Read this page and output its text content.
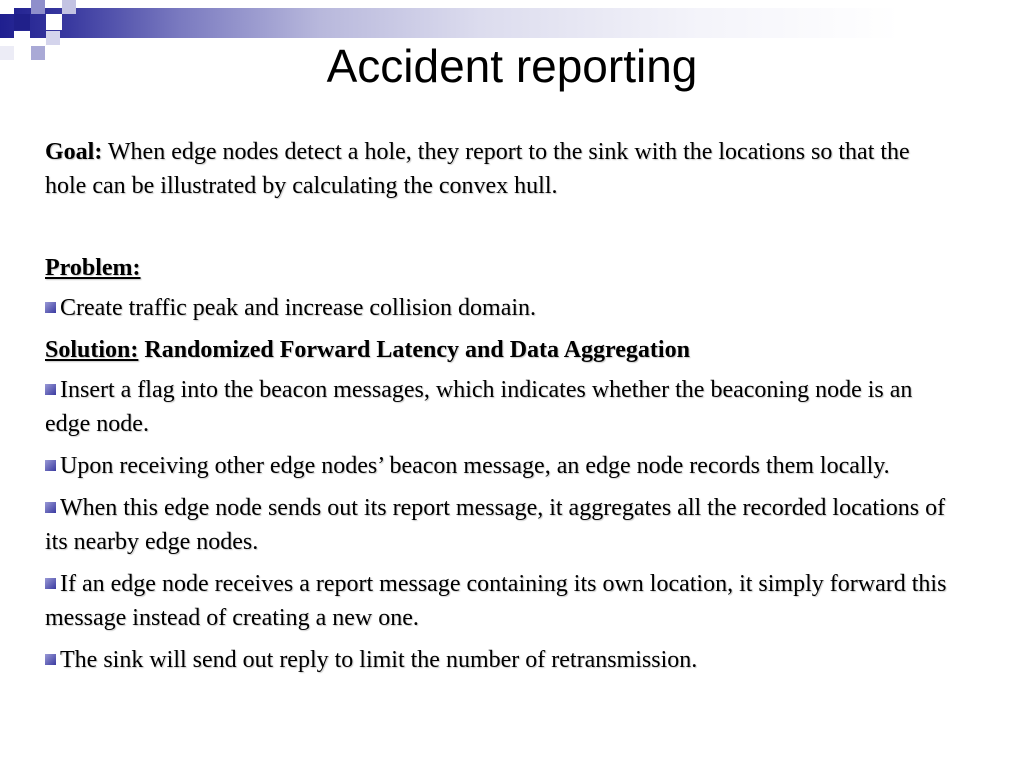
Accident reporting

Goal: When edge nodes detect a hole, they report to the sink with the locations so that the hole can be illustrated by calculating the convex hull.

Problem:

Create traffic peak and increase collision domain.

Solution: Randomized Forward Latency and Data Aggregation

Insert a flag into the beacon messages, which indicates whether the beaconing node is an edge node.

Upon receiving other edge nodes’ beacon message, an edge node records them locally.

When this edge node sends out its report message, it aggregates all the recorded locations of its nearby edge nodes.

If an edge node receives a report message containing its own location, it simply forward this message instead of creating a new one.

The sink will send out reply to limit the number of retransmission.
